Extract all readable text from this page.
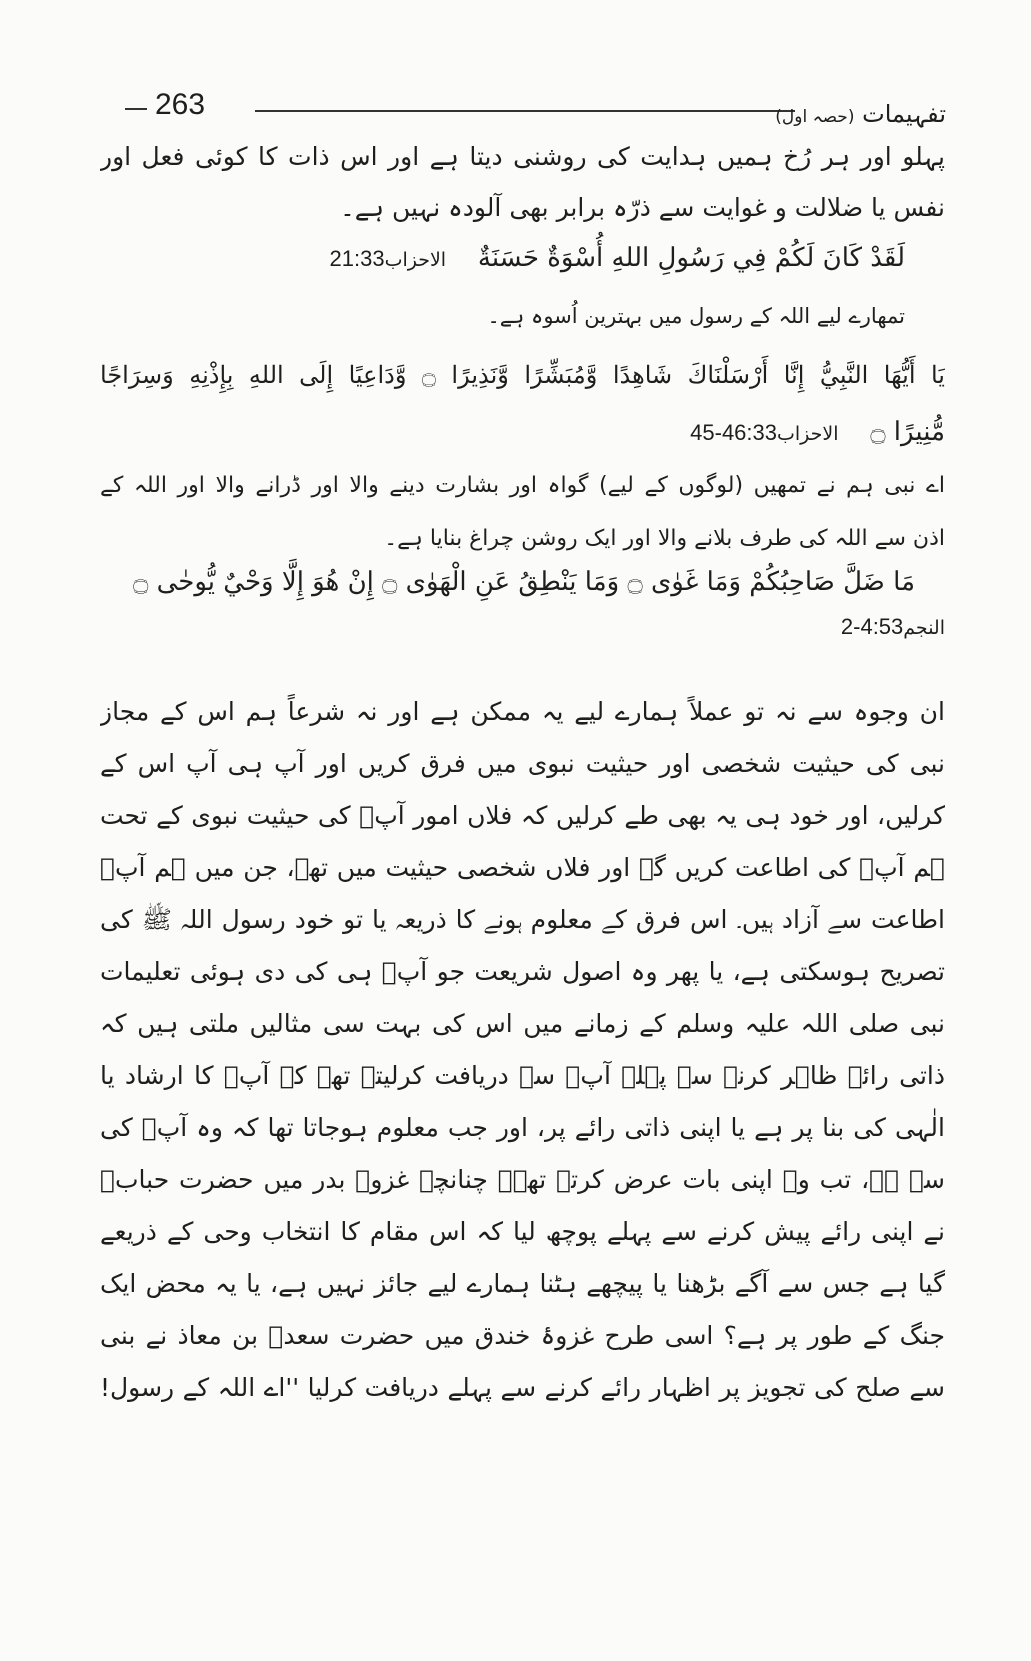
263	تفہیمات (حصہ اول)
پہلو اور ہر رُخ ہمیں ہدایت کی روشنی دیتا ہے اور اس ذات کا کوئی فعل اور
نفس یا ضلالت و غوایت سے ذرّہ برابر بھی آلودہ نہیں ہے۔
لَقَدْ كَانَ لَكُمْ فِي رَسُولِ اللهِ أُسْوَةٌ حَسَنَةٌ    الاحزاب21:33
تمھارے لیے اللہ کے رسول میں بہترین اُسوہ ہے۔
يَا أَيُّهَا النَّبِيُّ إِنَّا أَرْسَلْنَاكَ شَاهِدًا وَّمُبَشِّرًا وَّنَذِيرًا ۝ وَّدَاعِيًا إِلَى اللهِ بِإِذْنِهِ وَسِرَاجًا
مُّنِيرًا ۝    الاحزاب45-46:33
اے نبی ہم نے تمھیں (لوگوں کے لیے) گواہ اور بشارت دینے والا اور ڈرانے والا اور اللہ کے
اذن سے اللہ کی طرف بلانے والا اور ایک روشن چراغ بنایا ہے۔
مَا ضَلَّ صَاحِبُكُمْ وَمَا غَوٰى ۝ وَمَا يَنْطِقُ عَنِ الْهَوٰى ۝ إِنْ هُوَ إِلَّا وَحْيٌ يُّوحٰى ۝
النجم2-4:53
ان وجوہ سے نہ تو عملاً ہمارے لیے یہ ممکن ہے اور نہ شرعاً ہم اس کے مجاز
نبی کی حیثیت شخصی اور حیثیت نبوی میں فرق کریں اور آپ ہی آپ اس کے
کرلیں، اور خود ہی یہ بھی طے کرلیں کہ فلاں امور آپؐ کی حیثیت نبوی کے تحت
ہم آپؐ کی اطاعت کریں گے اور فلاں شخصی حیثیت میں تھے، جن میں ہم آپؐ
اطاعت سے آزاد ہیں۔ اس فرق کے معلوم ہونے کا ذریعہ یا تو خود رسول اللہ ﷺ کی
تصریح ہوسکتی ہے، یا پھر وہ اصول شریعت جو آپؐ ہی کی دی ہوئی تعلیمات
نبی صلی اللہ علیہ وسلم کے زمانے میں اس کی بہت سی مثالیں ملتی ہیں کہ
ذاتی رائے ظاہر کرنے سے پہلے آپؐ سے دریافت کرلیتے تھے کہ آپؐ کا ارشاد یا
الٰہی کی بنا پر ہے یا اپنی ذاتی رائے پر، اور جب معلوم ہوجاتا تھا کہ وہ آپؐ کی
سے ہے، تب وہ اپنی بات عرض کرتے تھے۔ چنانچہ غزوۂ بدر میں حضرت حبابؓ
نے اپنی رائے پیش کرنے سے پہلے پوچھ لیا کہ اس مقام کا انتخاب وحی کے ذریعے
گیا ہے جس سے آگے بڑھنا یا پیچھے ہٹنا ہمارے لیے جائز نہیں ہے، یا یہ محض ایک
جنگ کے طور پر ہے؟ اسی طرح غزوۂ خندق میں حضرت سعدؓ بن معاذ نے بنی
سے صلح کی تجویز پر اظہار رائے کرنے سے پہلے دریافت کرلیا ''اے اللہ کے رسول!
